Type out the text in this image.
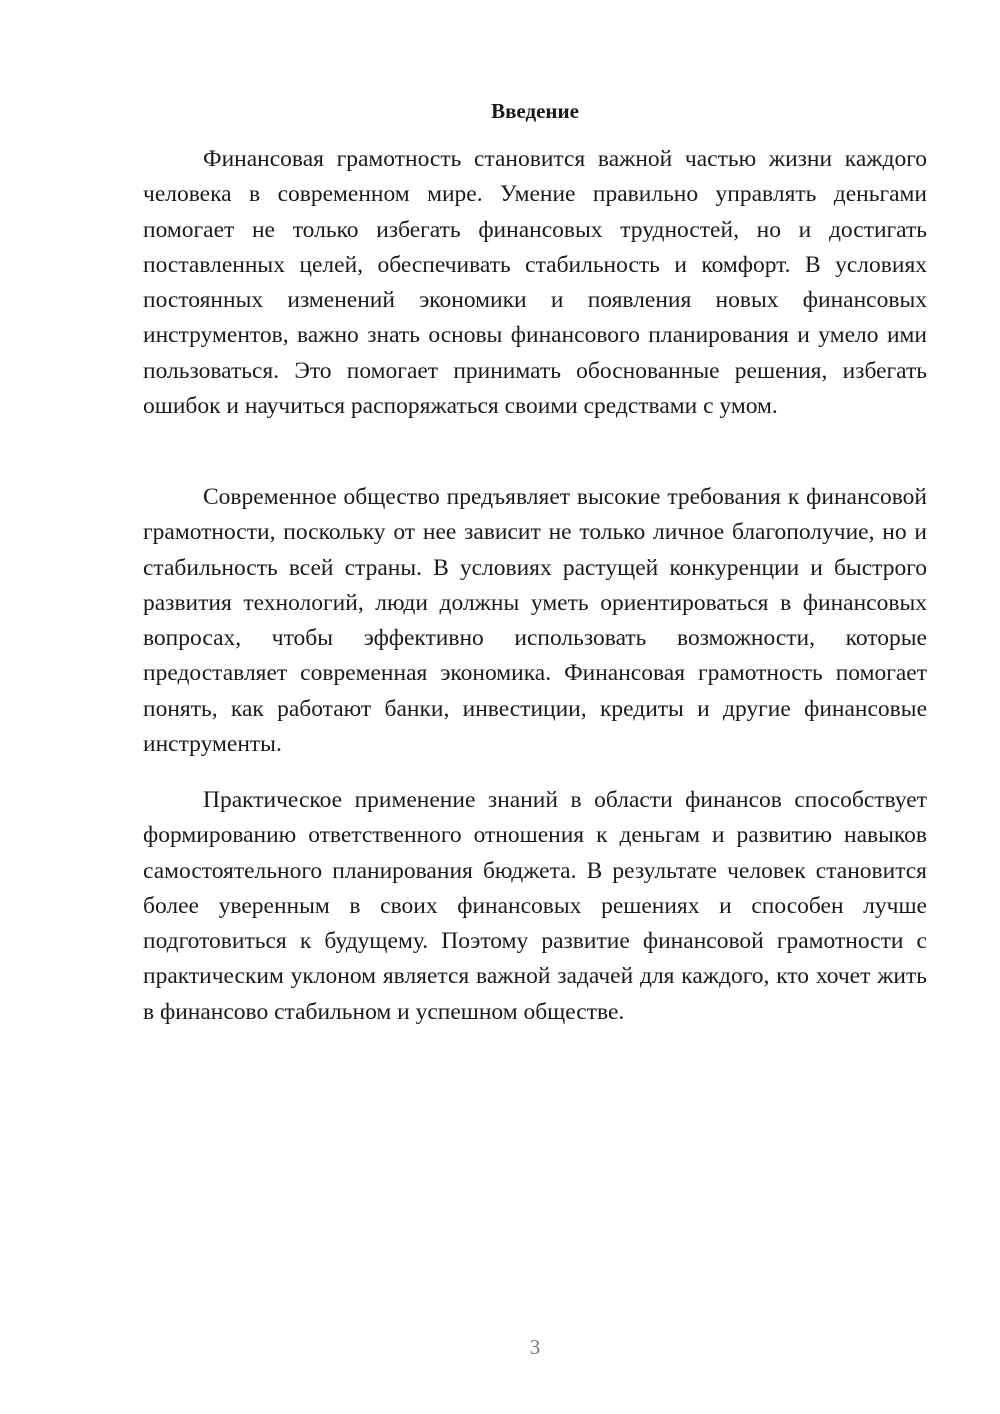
Введение

Финансовая грамотность становится важной частью жизни каждого человека в современном мире. Умение правильно управлять деньгами помогает не только избегать финансовых трудностей, но и достигать поставленных целей, обеспечивать стабильность и комфорт. В условиях постоянных изменений экономики и появления новых финансовых инструментов, важно знать основы финансового планирования и умело ими пользоваться. Это помогает принимать обоснованные решения, избегать ошибок и научиться распоряжаться своими средствами с умом.

Современное общество предъявляет высокие требования к финансовой грамотности, поскольку от нее зависит не только личное благополучие, но и стабильность всей страны. В условиях растущей конкуренции и быстрого развития технологий, люди должны уметь ориентироваться в финансовых вопросах, чтобы эффективно использовать возможности, которые предоставляет современная экономика. Финансовая грамотность помогает понять, как работают банки, инвестиции, кредиты и другие финансовые инструменты.

Практическое применение знаний в области финансов способствует формированию ответственного отношения к деньгам и развитию навыков самостоятельного планирования бюджета. В результате человек становится более уверенным в своих финансовых решениях и способен лучше подготовиться к будущему. Поэтому развитие финансовой грамотности с практическим уклоном является важной задачей для каждого, кто хочет жить в финансово стабильном и успешном обществе.

3
